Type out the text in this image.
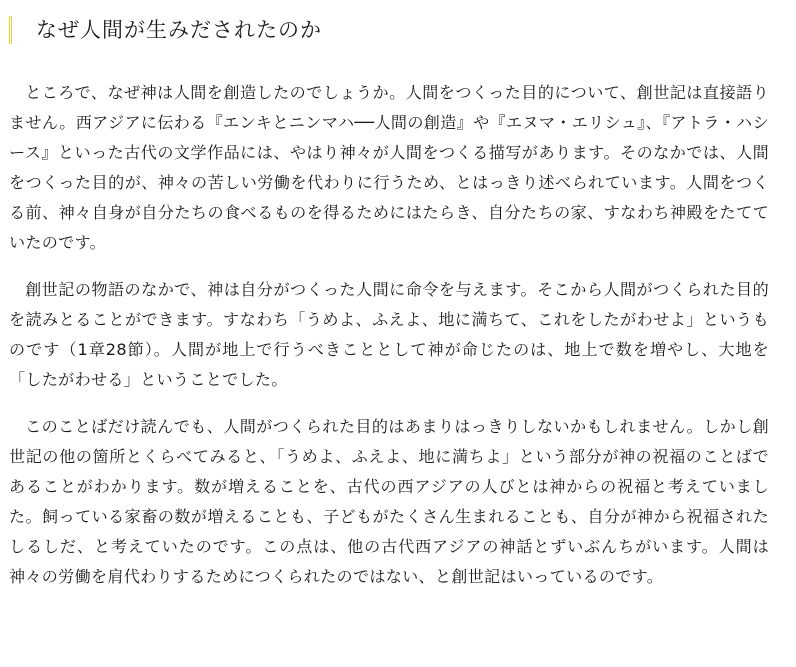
なぜ人間が生みだされたのか

ところで、なぜ神は人間を創造したのでしょうか。人間をつくった目的について、創世記は直接語りません。西アジアに伝わる『エンキとニンマハ──人間の創造』や『エヌマ・エリシュ』、『アトラ・ハシース』といった古代の文学作品には、やはり神々が人間をつくる描写があります。そのなかでは、人間をつくった目的が、神々の苦しい労働を代わりに行うため、とはっきり述べられています。人間をつくる前、神々自身が自分たちの食べるものを得るためにはたらき、自分たちの家、すなわち神殿をたてていたのです。

創世記の物語のなかで、神は自分がつくった人間に命令を与えます。そこから人間がつくられた目的を読みとることができます。すなわち「うめよ、ふえよ、地に満ちて、これをしたがわせよ」というものです（1章28節）。人間が地上で行うべきこととして神が命じたのは、地上で数を増やし、大地を「したがわせる」ということでした。

このことばだけ読んでも、人間がつくられた目的はあまりはっきりしないかもしれません。しかし創世記の他の箇所とくらべてみると、「うめよ、ふえよ、地に満ちよ」という部分が神の祝福のことばであることがわかります。数が増えることを、古代の西アジアの人びとは神からの祝福と考えていました。飼っている家畜の数が増えることも、子どもがたくさん生まれることも、自分が神から祝福されたしるしだ、と考えていたのです。この点は、他の古代西アジアの神話とずいぶんちがいます。人間は神々の労働を肩代わりするためにつくられたのではない、と創世記はいっているのです。
